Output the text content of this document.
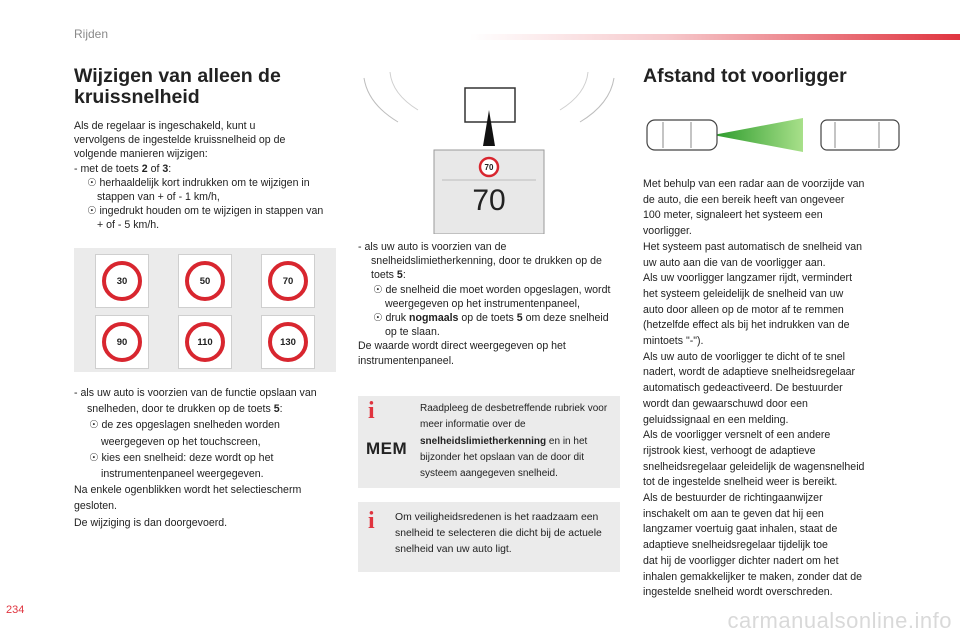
Rijden
Wijzigen van alleen de
kruissnelheid

Als de regelaar is ingeschakeld, kunt u

vervolgens de ingestelde kruissnelheid op de

volgende manieren wijzigen:

- met de toets 2 of 3:

☉ herhaaldelijk kort indrukken om te wijzigen in stappen van + of - 1 km/h,

☉ ingedrukt houden om te wijzigen in stappen van + of - 5 km/h.

30	50	70
90	110	130

- als uw auto is voorzien van de functie opslaan van snelheden, door te drukken op de toets 5:

☉ de zes opgeslagen snelheden worden weergegeven op het touchscreen,

☉ kies een snelheid: deze wordt op het instrumentenpaneel weergegeven.

Na enkele ogenblikken wordt het selectiescherm gesloten.

De wijziging is dan doorgevoerd.

70
70

- als uw auto is voorzien van de snelheidslimietherkenning, door te drukken op de toets 5:

☉ de snelheid die moet worden opgeslagen, wordt weergegeven op het instrumentenpaneel,

☉ druk nogmaals op de toets 5 om deze snelheid op te slaan.

De waarde wordt direct weergegeven op het instrumentenpaneel.

i
MEM
Raadpleeg de desbetreffende rubriek voor meer informatie over de snelheidslimietherkenning en in het bijzonder het opslaan van de door dit systeem aangegeven snelheid.
i Om veiligheidsredenen is het raadzaam een snelheid te selecteren die dicht bij de actuele snelheid van uw auto ligt.
Afstand tot voorligger

Met behulp van een radar aan de voorzijde van

de auto, die een bereik heeft van ongeveer

100 meter, signaleert het systeem een

voorligger.

Het systeem past automatisch de snelheid van

uw auto aan die van de voorligger aan.

Als uw voorligger langzamer rijdt, vermindert

het systeem geleidelijk de snelheid van uw

auto door alleen op de motor af te remmen

(hetzelfde effect als bij het indrukken van de

mintoets "-").

Als uw auto de voorligger te dicht of te snel

nadert, wordt de adaptieve snelheidsregelaar

automatisch gedeactiveerd. De bestuurder

wordt dan gewaarschuwd door een

geluidssignaal en een melding.

Als de voorligger versnelt of een andere

rijstrook kiest, verhoogt de adaptieve

snelheidsregelaar geleidelijk de wagensnelheid

tot de ingestelde snelheid weer is bereikt.

Als de bestuurder de richtingaanwijzer

inschakelt om aan te geven dat hij een

langzamer voertuig gaat inhalen, staat de

adaptieve snelheidsregelaar tijdelijk toe

dat hij de voorligger dichter nadert om het

inhalen gemakkelijker te maken, zonder dat de

ingestelde snelheid wordt overschreden.

234	carmanualsonline.info
